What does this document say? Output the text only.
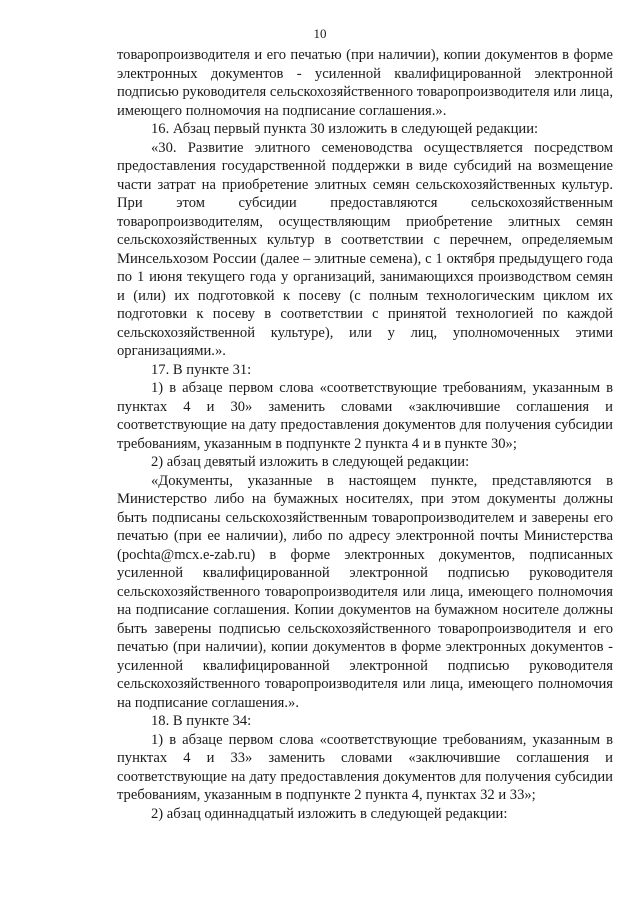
10

товаропроизводителя и его печатью (при наличии), копии документов в форме электронных документов - усиленной квалифицированной электронной подписью руководителя сельскохозяйственного товаропроизводителя или лица, имеющего полномочия на подписание соглашения.».

16. Абзац первый пункта 30 изложить в следующей редакции:

«30. Развитие элитного семеноводства осуществляется посредством предоставления государственной поддержки в виде субсидий на возмещение части затрат на приобретение элитных семян сельскохозяйственных культур. При этом субсидии предоставляются сельскохозяйственным товаропроизводителям, осуществляющим приобретение элитных семян сельскохозяйственных культур в соответствии с перечнем, определяемым Минсельхозом России (далее – элитные семена), с 1 октября предыдущего года по 1 июня текущего года у организаций, занимающихся производством семян и (или) их подготовкой к посеву (с полным технологическим циклом их подготовки к посеву в соответствии с принятой технологией по каждой сельскохозяйственной культуре), или у лиц, уполномоченных этими организациями.».

17. В пункте 31:

1) в абзаце первом слова «соответствующие требованиям, указанным в пунктах 4 и 30» заменить словами «заключившие соглашения и соответствующие на дату предоставления документов для получения субсидии требованиям, указанным в подпункте 2 пункта 4 и в пункте 30»;

2) абзац девятый изложить в следующей редакции:

«Документы, указанные в настоящем пункте, представляются в Министерство либо на бумажных носителях, при этом документы должны быть подписаны сельскохозяйственным товаропроизводителем и заверены его печатью (при ее наличии), либо по адресу электронной почты Министерства (pochta@mcx.e-zab.ru) в форме электронных документов, подписанных усиленной квалифицированной электронной подписью руководителя сельскохозяйственного товаропроизводителя или лица, имеющего полномочия на подписание соглашения. Копии документов на бумажном носителе должны быть заверены подписью сельскохозяйственного товаропроизводителя и его печатью (при наличии), копии документов в форме электронных документов - усиленной квалифицированной электронной подписью руководителя сельскохозяйственного товаропроизводителя или лица, имеющего полномочия на подписание соглашения.».

18. В пункте 34:

1) в абзаце первом слова «соответствующие требованиям, указанным в пунктах 4 и 33» заменить словами «заключившие соглашения и соответствующие на дату предоставления документов для получения субсидии требованиям, указанным в подпункте 2 пункта 4, пунктах 32 и 33»;

2) абзац одиннадцатый изложить в следующей редакции:
